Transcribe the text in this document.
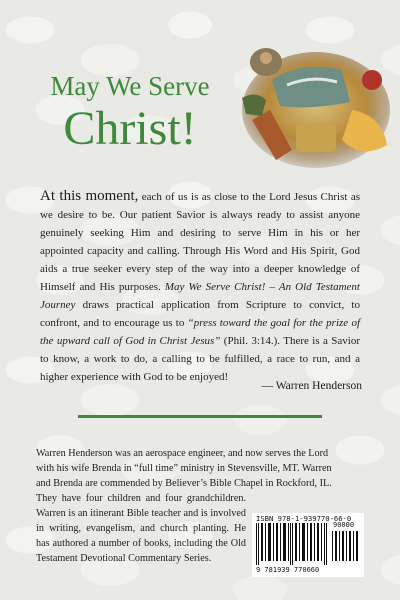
May We Serve
Christ!
At this moment, each of us is as close to the Lord Jesus Christ as we desire to be. Our patient Savior is always ready to assist anyone genuinely seeking Him and desiring to serve Him in his or her appointed capacity and calling. Through His Word and His Spirit, God aids a true seeker every step of the way into a deeper knowledge of Himself and His purposes. May We Serve Christ! – An Old Testament Journey draws practical application from Scripture to convict, to confront, and to encourage us to “press toward the goal for the prize of the upward call of God in Christ Jesus” (Phil. 3:14.). There is a Savior to know, a work to do, a calling to be fulfilled, a race to run, and a higher experience with God to be enjoyed!
— Warren Henderson
Warren Henderson was an aerospace engineer, and now serves the Lord
with his wife Brenda in “full time” ministry in Stevensville, MT. Warren
and Brenda are commended by Believer’s Bible Chapel in Rockford, IL.
They have four children and four grandchildren. Warren is an itinerant Bible teacher and is involved in writing, evangelism, and church planting. He has authored a number of books, including the Old Testament Devotional Commentary Series.
ISBN 978-1-939770-66-0
90000
9 781939 770660
